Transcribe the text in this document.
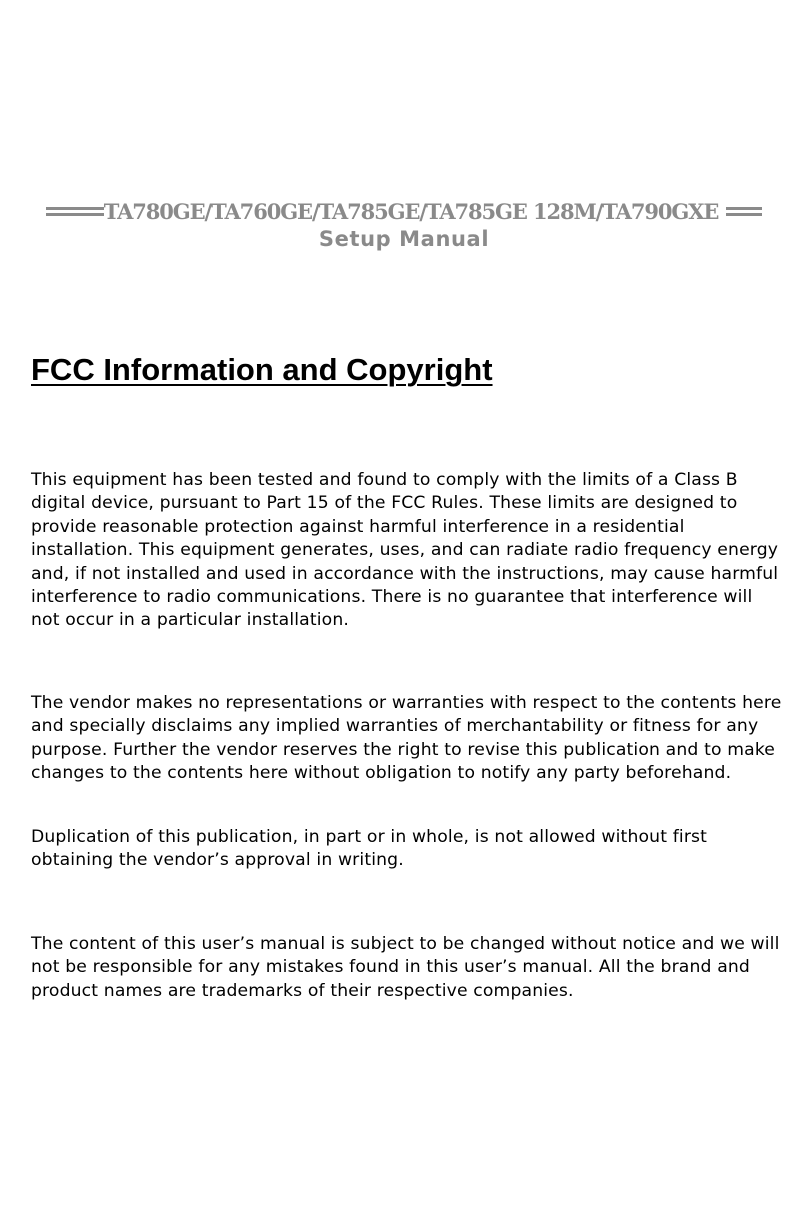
TA780GE/TA760GE/TA785GE/TA785GE 128M/TA790GXE
Setup Manual
FCC Information and Copyright

This equipment has been tested and found to comply with the limits of a Class B digital device, pursuant to Part 15 of the FCC Rules. These limits are designed to provide reasonable protection against harmful interference in a residential installation. This equipment generates, uses, and can radiate radio frequency energy and, if not installed and used in accordance with the instructions, may cause harmful interference to radio communications. There is no guarantee that interference will not occur in a particular installation.

The vendor makes no representations or warranties with respect to the contents here and specially disclaims any implied warranties of merchantability or fitness for any purpose. Further the vendor reserves the right to revise this publication and to make changes to the contents here without obligation to notify any party beforehand.

Duplication of this publication, in part or in whole, is not allowed without first obtaining the vendor’s approval in writing.

The content of this user’s manual is subject to be changed without notice and we will not be responsible for any mistakes found in this user’s manual. All the brand and product names are trademarks of their respective companies.
